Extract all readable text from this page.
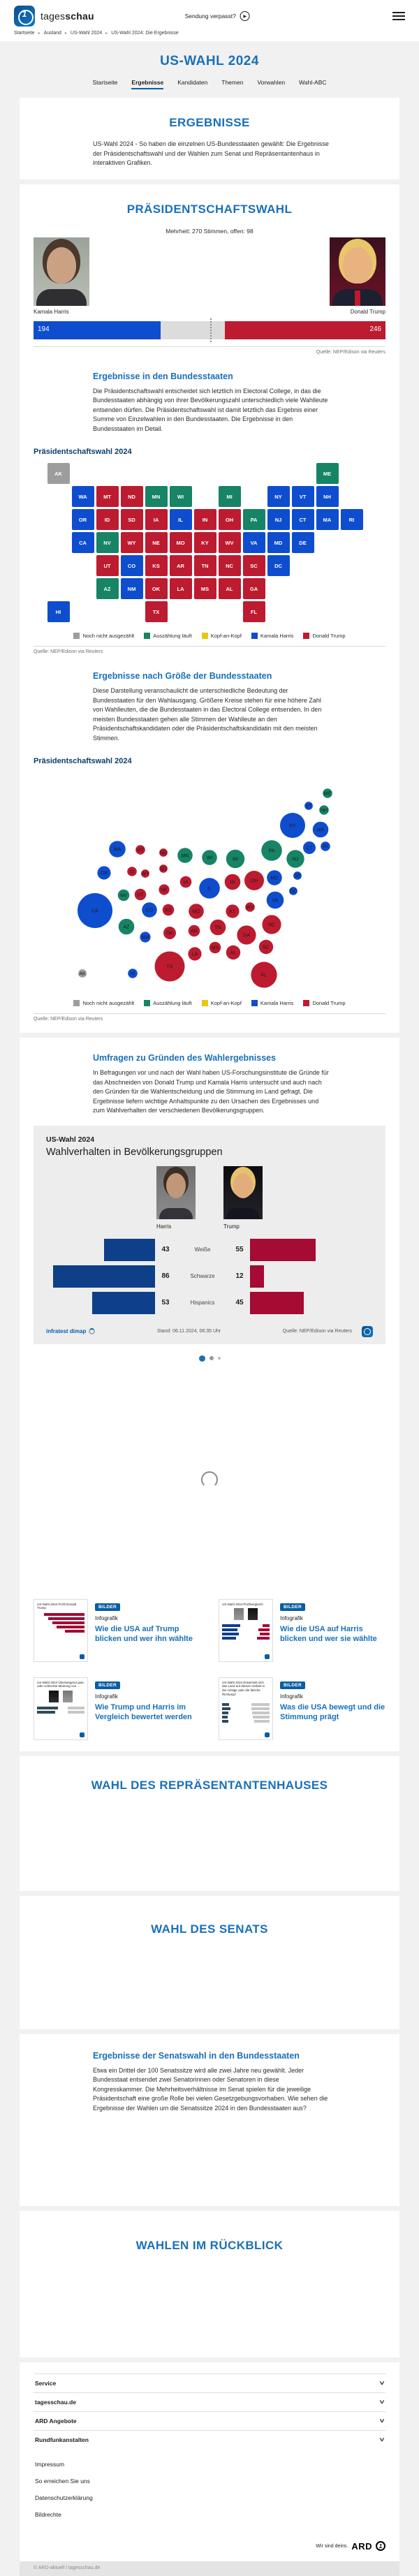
1
tagesschau	Sendung verpasst?	▶
Startseite ▸ Ausland ▸ US-Wahl 2024 ▸ US-Wahl 2024: Die Ergebnisse
US-WAHL 2024
Startseite Ergebnisse Kandidaten Themen Vorwahlen Wahl-ABC
ERGEBNISSE

US-Wahl 2024 - So haben die einzelnen US-Bundesstaaten gewählt: Die Ergebnisse der Präsidentschaftswahl und der Wahlen zum Senat und Repräsentantenhaus in interaktiven Grafiken.

PRÄSIDENTSCHAFTSWAHL
Mehrheit: 270 Stimmen, offen: 98
Kamala Harris	Donald Trump
194	246
Quelle: NEP/Edison via Reuters
Ergebnisse in den Bundesstaaten

Die Präsidentschaftswahl entscheidet sich letztlich im Electoral College, in das die Bundesstaaten abhängig von ihrer Bevölkerungszahl unterschiedlich viele Wahlleute entsenden dürfen. Die Präsidentschaftswahl ist damit letztlich das Ergebnis einer Summe von Einzelwahlen in den Bundesstaaten. Die Ergebnisse in den Bundesstaaten im Detail.

Präsidentschaftswahl 2024
AK	ME
WA	MT	ND	MN	WI	MI	NY	VT	NH
OR	ID	SD	IA	IL	IN	OH	PA	NJ	CT	MA	RI
CA	NV	WY	NE	MO	KY	WV	VA	MD	DE
UT	CO	KS	AR	TN	NC	SC	DC
AZ	NM	OK	LA	MS	AL	GA
HI	TX	FL
Noch nicht ausgezählt	Auszählung läuft	Kopf-an-Kopf	Kamala Harris	Donald Trump
Quelle: NEP/Edison via Reuters
Ergebnisse nach Größe der Bundesstaaten

Diese Darstellung veranschaulicht die unterschiedliche Bedeutung der Bundesstaaten für den Wahlausgang. Größere Kreise stehen für eine höhere Zahl von Wahlleuten, die die Bundesstaaten in das Electoral College entsenden. In den meisten Bundesstaaten gehen alle Stimmen der Wahlleute an den Präsidentschaftskandidaten oder die Präsidentschaftskandidatin mit den meisten Stimmen.

Präsidentschaftswahl 2024
ME
VT
NH
NY
MA
CT RI
WA	MT
ND
MN	WI	MI
PA
NJ
OR	ID WY
SD
IA	IN	OH
MD	DE
NV UT
NE	IL
WV
VA
DC
CA	CO KS	MO	KY
AZ
NM
OK	AR
TN
NC
GA
SC
MS
AL
LA
TX
FL
AK	HI
Noch nicht ausgezählt	Auszählung läuft	Kopf-an-Kopf	Kamala Harris	Donald Trump
Quelle: NEP/Edison via Reuters
Umfragen zu Gründen des Wahlergebnisses

In Befragungen vor und nach der Wahl haben US-Forschungsinstitute die Gründe für das Abschneiden von Donald Trump und Kamala Harris untersucht und auch nach den Gründen für die Wahlentscheidung und die Stimmung im Land gefragt. Die Ergebnisse liefern wichtige Anhaltspunkte zu den Ursachen des Ergebnisses und zum Wahlverhalten der verschiedenen Bevölkerungsgruppen.

US-Wahl 2024
Wahlverhalten in Bevölkerungsgruppen
Harris	Trump
43	Weiße	55
86	Schwarze	12
53	Hispanics	45
infratest dimap	Stand: 06.11.2024, 06:35 Uhr	Quelle: NEP/Edison via Reuters
US-Wahl 2024 Profil Donald Trump	BILDER
Infografik
Wie die USA auf Trump blicken und wer ihn wählte
US-Wahl 2024 Profilvergleich
BILDER
Infografik
Wie die USA auf Harris blicken und wer sie wählte
US-Wahl 2024 Überwiegend gute oder schlechte Meinung von ...	BILDER
Infografik
Wie Trump und Harris im Vergleich bewertet werden
US-Wahl 2024 Entwickelt sich das Land auf diesem Gebiet in die richtige oder die falsche Richtung?
BILDER
Infografik
Was die USA bewegt und die Stimmung prägt
WAHL DES REPRÄSENTANTENHAUSES
WAHL DES SENATS
Ergebnisse der Senatswahl in den Bundesstaaten

Etwa ein Drittel der 100 Senatssitze wird alle zwei Jahre neu gewählt. Jeder Bundesstaat entsendet zwei Senatorinnen oder Senatoren in diese Kongresskammer. Die Mehrheitsverhältnisse im Senat spielen für die jeweilige Präsidentschaft eine große Rolle bei vielen Gesetzgebungsvorhaben. Wie sehen die Ergebnisse der Wahlen um die Senatssitze 2024 in den Bundesstaaten aus?

WAHLEN IM RÜCKBLICK
Service	∨
tagesschau.de	∨
ARD Angebote	∨
Rundfunkanstalten	∨
Impressum
So erreichen Sie uns
Datenschutzerklärung
Bildrechte
Wir sind deins. ARD	1
© ARD-aktuell / tagesschau.de
